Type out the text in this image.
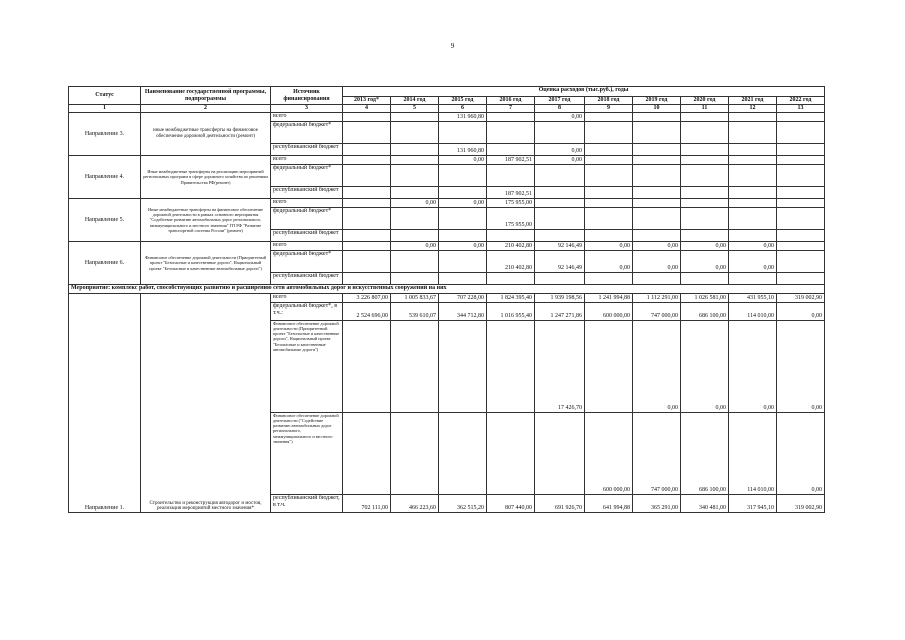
9
Статус	Наименование государственной программы, подпрограммы	Источник финансирования	Оценка расходов (тыс.руб.), годы									
			2013 год*	2014 год	2015 год	2016 год	2017 год	2018 год	2019 год	2020 год	2021 год	2022 год
1	2	3	4	5	6	7	8	9	10	11	12	13
Направление 3.	иные межбюджетные трансферты на финансовое обеспечение дорожной деятельности (ремонт)	всего			131 960,80		0,00					
		федеральный бюджет*										
		республиканский бюджет			131 960,80		0,00					
Направление 4.	Иные межбюджетные трансферты на реализацию мероприятий региональных программ в сфере дорожного хозяйства по решениям Правительства РФ(ремонт)	всего			0,00	187 902,51	0,00					
		федеральный бюджет*										
		республиканский бюджет				187 902,51						
Направление 5.	Иные межбюджетные трансферты на финансовое обеспечение дорожной деятельности в рамках основного мероприятия "Содействие развитию автомобильных дорог регионального, межмуниципального и местного значения" ГП РФ "Развитие транспортной системы России" (ремонт)	всего		0,00	0,00	175 955,00						
		федеральный бюджет*				175 955,00						
		республиканский бюджет										
Направление 6.	Финансовое обеспечение дорожной деятельности (Приоритетный проект "Безопасные и качественные дороги", Национальный проект "Безопасные и качественные автомобильные дороги")	всего		0,00	0,00	210 402,80	92 146,49	0,00	0,00	0,00	0,00	
		федеральный бюджет*				210 402,80	92 146,49	0,00	0,00	0,00	0,00	
		республиканский бюджет										
Мероприятие: комплекс работ, способствующих развитию и расширению сети автомобильных дорог и искусственных сооружений на них												
Направление 1.	Строительство и реконструкция автодорог и мостов, реализация мероприятий местного значения*	всего	3 226 807,00	1 005 833,67	707 228,00	1 824 395,40	1 939 198,56	1 241 994,88	1 112 291,00	1 026 581,00	431 955,10	319 002,90
		федеральный бюджет*, в т.ч.:	2 524 696,00	539 610,07	344 712,80	1 016 955,40	1 247 271,86	600 000,00	747 000,00	686 100,00	114 010,00	0,00
		Финансовое обеспечение дорожной деятельности (Приоритетный проект "Безопасные и качественные дороги", Национальный проект "Безопасные и качественные автомобильные дороги")					17 426,70		0,00	0,00	0,00	0,00
		Финансовое обеспечение дорожной деятельности ("Содействие развитию автомобильных дорог регионального, межмуниципального и местного значения")						600 000,00	747 000,00	686 100,00	114 010,00	0,00
		республиканский бюджет, в т.ч.	702 111,00	466 223,60	362 515,20	807 440,00	691 926,70	641 994,88	365 291,00	340 481,00	317 945,10	319 002,90
